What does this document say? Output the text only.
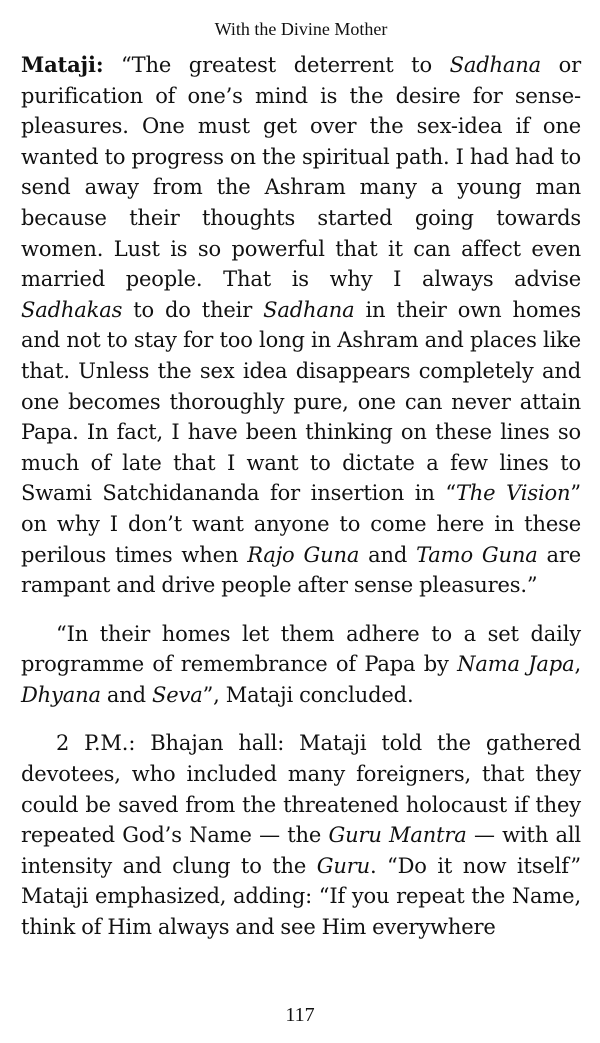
With the Divine Mother

Mataji: “The greatest deterrent to Sadhana or purification of one’s mind is the desire for sense-pleasures. One must get over the sex-idea if one wanted to progress on the spiritual path. I had had to send away from the Ashram many a young man because their thoughts started going towards women. Lust is so powerful that it can affect even married people. That is why I always advise Sadhakas to do their Sadhana in their own homes and not to stay for too long in Ashram and places like that. Unless the sex idea disappears completely and one becomes thoroughly pure, one can never attain Papa. In fact, I have been thinking on these lines so much of late that I want to dictate a few lines to Swami Satchidananda for insertion in “The Vision” on why I don’t want anyone to come here in these perilous times when Rajo Guna and Tamo Guna are rampant and drive people after sense pleasures.”

“In their homes let them adhere to a set daily programme of remembrance of Papa by Nama Japa, Dhyana and Seva”, Mataji concluded.

2 P.M.: Bhajan hall: Mataji told the gathered devotees, who included many foreigners, that they could be saved from the threatened holocaust if they repeated God’s Name — the Guru Mantra — with all intensity and clung to the Guru. “Do it now itself” Mataji emphasized, adding: “If you repeat the Name, think of Him always and see Him everywhere

117
